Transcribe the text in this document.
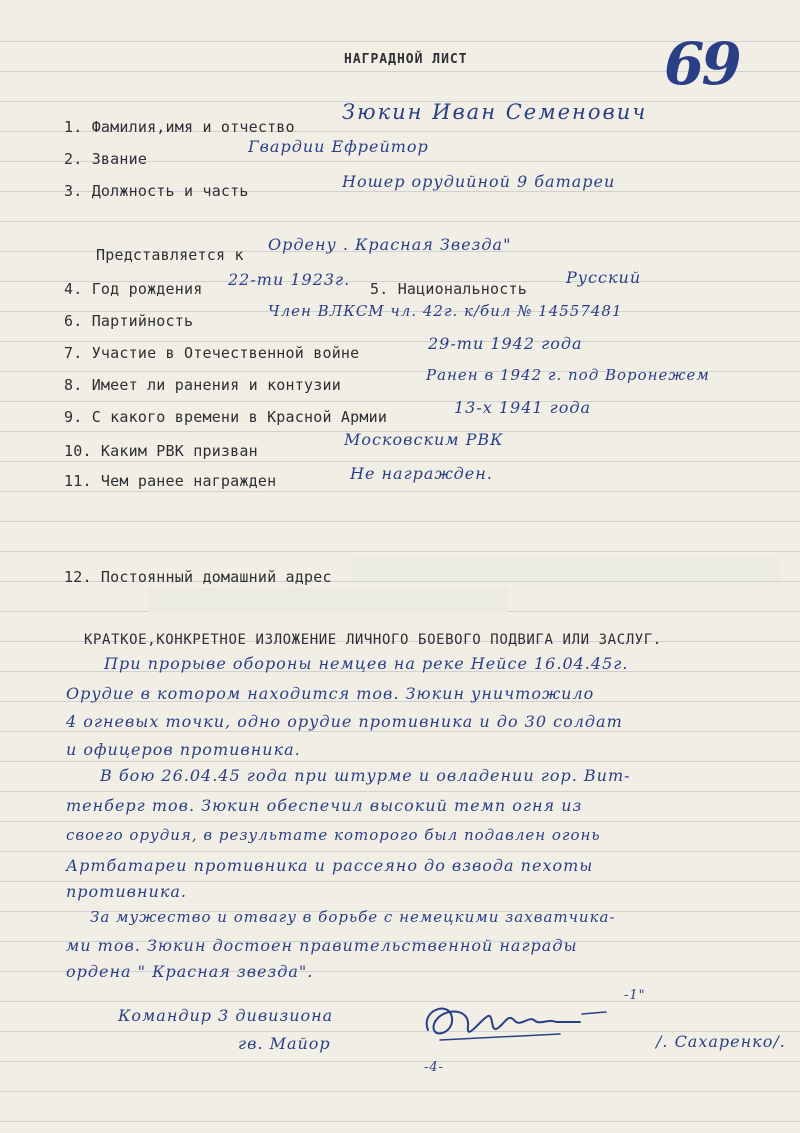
НАГРАДНОЙ ЛИСТ	69
1. Фамилия,имя и отчество
Зюкин Иван Семенович
2. Звание
Гвардии Ефрейтор
3. Должность и часть	Ношер орудийной 9 батареи
Представляется к
Ордену . Красная Звезда"
4. Год рождения 22-ти 1923г. 5. Национальность
Русский
6. Партийность
Член ВЛКСМ чл. 42г. к/бил № 14557481
7. Участие в Отечественной войне	29-ти 1942 года
8. Имеет ли ранения и контузии
Ранен в 1942 г. под Воронежем
9. С какого времени в Красной Армии	13-х 1941 года
10. Каким РВК призван
Московским РВК
11. Чем ранее награжден	Не награжден.
12. Постоянный домашний адрес
КРАТКОЕ,КОНКРЕТНОЕ ИЗЛОЖЕНИЕ ЛИЧНОГО БОЕВОГО ПОДВИГА ИЛИ ЗАСЛУГ.
При прорыве обороны немцев на реке Нейсе 16.04.45г.
Орудие в котором находится тов. Зюкин уничтожило
4 огневых точки, одно орудие противника и до 30 солдат
и офицеров противника.
В бою 26.04.45 года при штурме и овладении гор. Вит-
тенберг тов. Зюкин обеспечил высокий темп огня из
своего орудия, в результате которого был подавлен огонь
Артбатареи противника и рассеяно до взвода пехоты
противника.
За мужество и отвагу в борьбе с немецкими захватчика-
ми тов. Зюкин достоен правительственной награды
ордена " Красная звезда".
Командир 3 дивизиона
гв. Майор	/. Сахаренко/.
-1"
-4-
